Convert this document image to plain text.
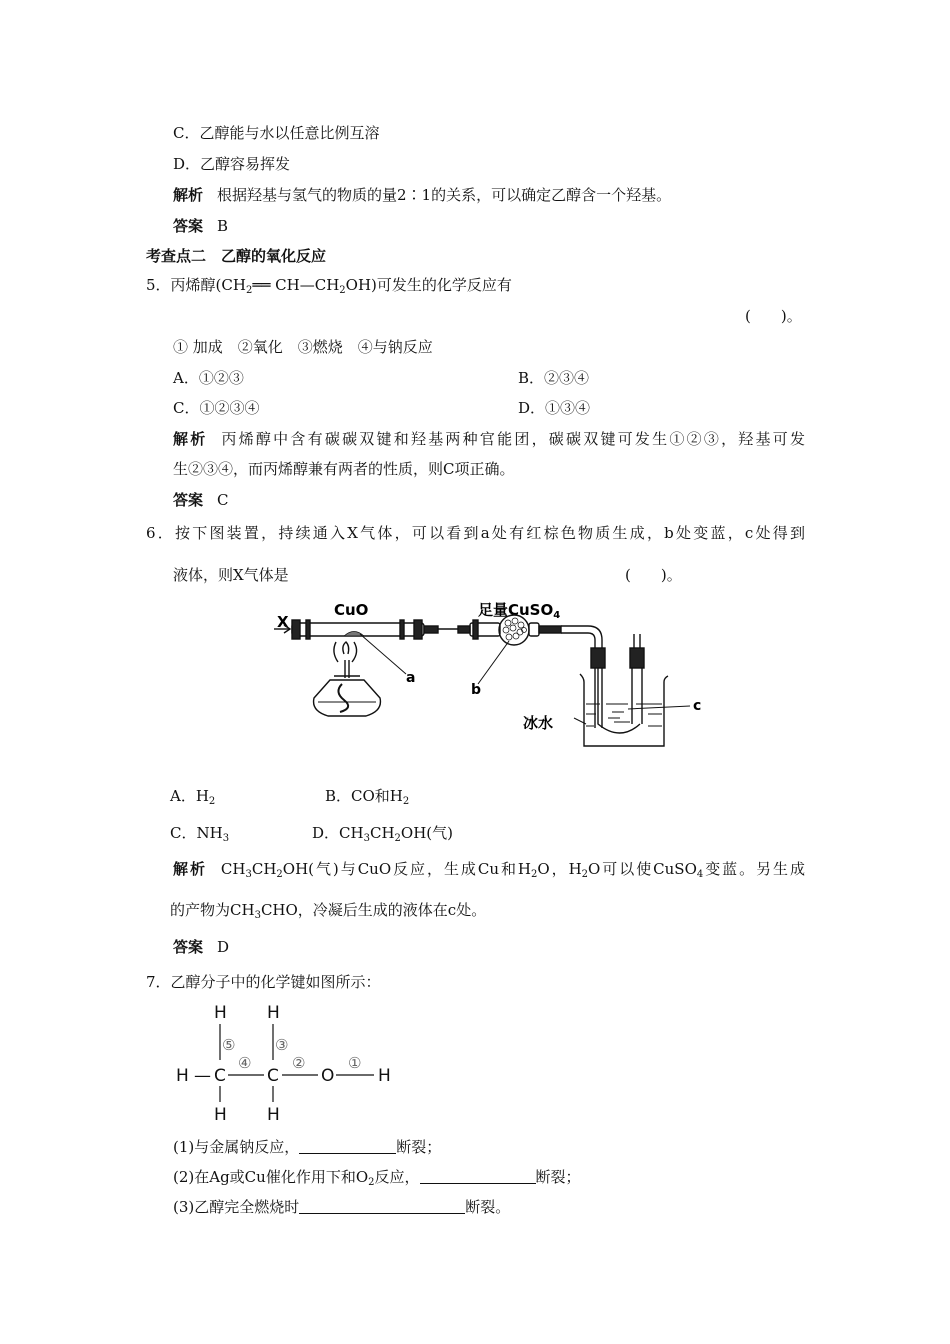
C．乙醇能与水以任意比例互溶
D．乙醇容易挥发
解析 根据羟基与氢气的物质的量2∶1的关系，可以确定乙醇含一个羟基。
答案 B
考查点二　乙醇的氧化反应
5．丙烯醇($CH_2══$ $CH—CH_2OH$)可发生的化学反应有
(　　)。
① 加成　②氧化　③燃烧　④与钠反应
A．①②③	B．②③④
C．①②③④	D．①③④
解析 丙烯醇中含有碳碳双键和羟基两种官能团，碳碳双键可发生①②③，羟基可发
生②③④，而丙烯醇兼有两者的性质，则C项正确。
答案 C
6．按下图装置，持续通入X气体，可以看到a处有红棕色物质生成，b处变蓝，c处得到
液体，则X气体是	(　　)。
X
CuO	足量CuSO$_4$
a
b
c
冰水
A．$H_2$	B．CO和$H_2$
C．$NH_3$	D．$CH_3CH_2OH$(气)
解析 $CH_3CH_2OH$(气)与CuO反应，生成Cu和$H_2O$，$H_2O$可以使CuSO$_4$变蓝。另生成
的产物为$CH_3CHO$，冷凝后生成的液体在c处。
答案 D
7．乙醇分子中的化学键如图所示：
H H
H — C C O	H
H H
⑤	③
④	②	①
(1)与金属钠反应，	断裂；
(2)在Ag或Cu催化作用下和$O_2$反应，	断裂；
(3)乙醇完全燃烧时	断裂。
